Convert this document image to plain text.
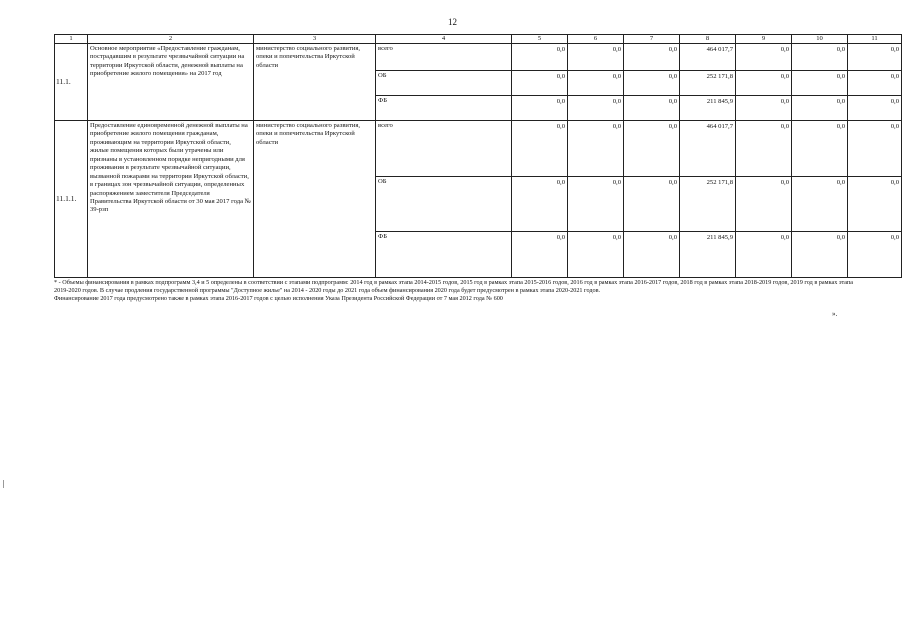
12
1	2	3	4	5	6	7	8	9	10	11
11.1.	Основное мероприятие «Предоставление гражданам, пострадавшим в результате чрезвычайной ситуации на территории Иркутской области, денежной выплаты на приобретение жилого помещения» на 2017 год	министерство социального развития, опеки и попечительства Иркутской области	всего	0,0	0,0	0,0	464 017,7	0,0	0,0	0,0
			ОБ	0,0	0,0	0,0	252 171,8	0,0	0,0	0,0
			ФБ	0,0	0,0	0,0	211 845,9	0,0	0,0	0,0
11.1.1.	Предоставление единовременной денежной выплаты на приобретение жилого помещения гражданам, проживающим на территории Иркутской области, жилые помещения которых были утрачены или признаны в установленном порядке непригодными для проживания в результате чрезвычайной ситуации, вызванной пожарами на территории Иркутской области, в границах зон чрезвычайной ситуации, определенных распоряжением заместителя Председателя Правительства Иркутской области от 30 мая 2017 года № 39-рзп	министерство социального развития, опеки и попечительства Иркутской области	всего	0,0	0,0	0,0	464 017,7	0,0	0,0	0,0
			ОБ	0,0	0,0	0,0	252 171,8	0,0	0,0	0,0
			ФБ	0,0	0,0	0,0	211 845,9	0,0	0,0	0,0

* - Объемы финансирования в рамках подпрограмм 3,4 и 5 определены в соответствии с этапами подпрограмм: 2014 год в рамках этапа 2014-2015 годов, 2015 год в рамках этапа 2015-2016 годов, 2016 год в рамках этапа 2016-2017 годов, 2018 год в рамках этапа 2018-2019 годов, 2019 год в рамках этапа 2019-2020 годов. В случае продления государственной программы "Доступное жилье" на 2014 - 2020 годы до 2021 года объем финансирования 2020 года будет предусмотрен в рамках этапа 2020-2021 годов.

Финансирование 2017 года предусмотрено также в рамках этапа 2016-2017 годов с целью исполнения Указа Президента Российской Федерации от 7 мая 2012 года № 600

».
